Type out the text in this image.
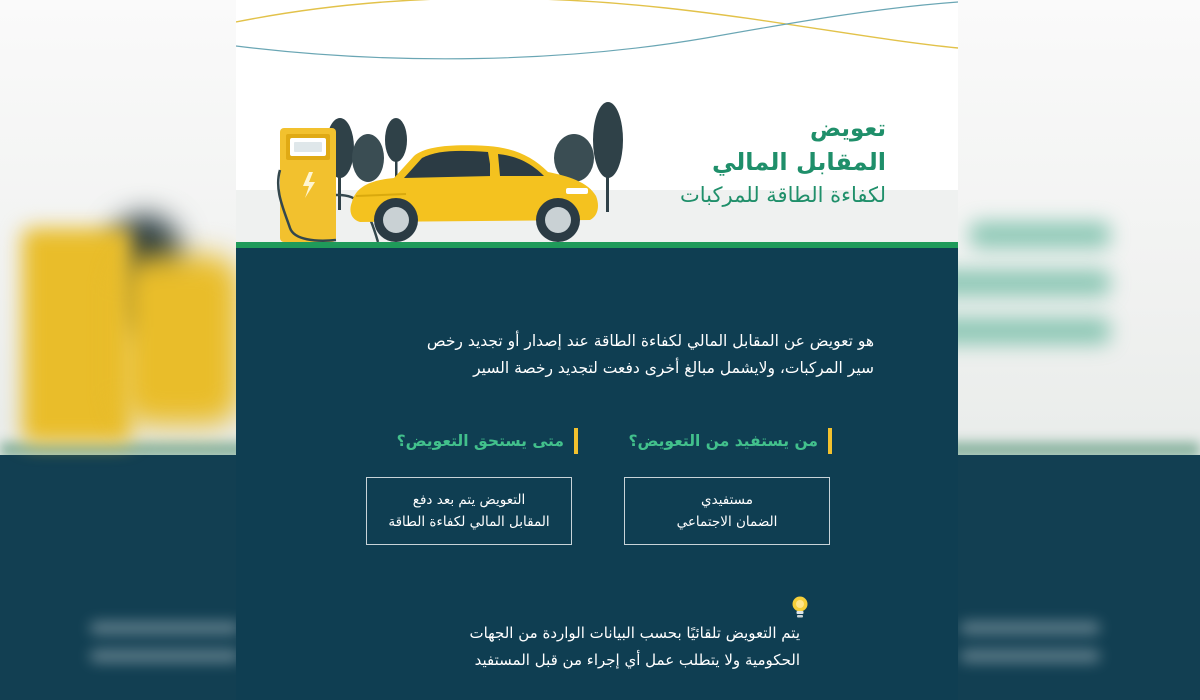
تعويض
المقابل المالي
لكفاءة الطاقة للمركبات

هو تعويض عن المقابل المالي لكفاءة الطاقة عند إصدار أو تجديد رخص

سير المركبات، ولايشمل مبالغ أخرى دفعت لتجديد رخصة السير

من يستفيد من التعويض؟
متى يستحق التعويض؟
مستفيدي
الضمان الاجتماعي
التعويض يتم بعد دفع
المقابل المالي لكفاءة الطاقة

يتم التعويض تلقائيًا بحسب البيانات الواردة من الجهات

الحكومية ولا يتطلب عمل أي إجراء من قبل المستفيد
